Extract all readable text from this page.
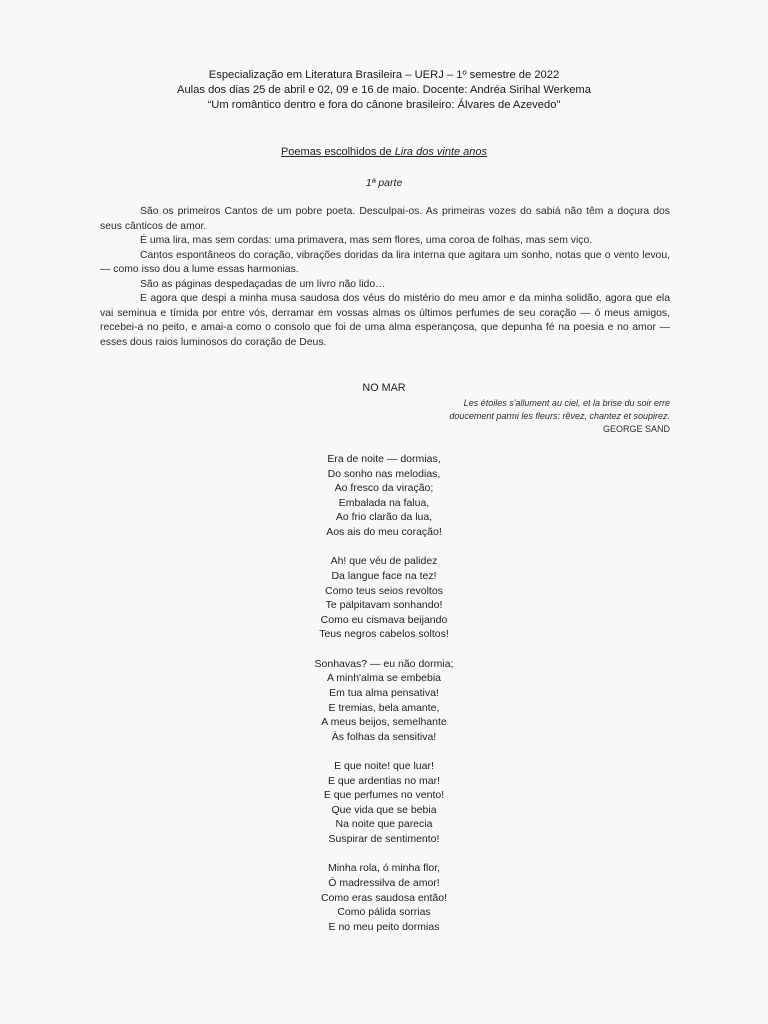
Especialização em Literatura Brasileira – UERJ – 1º semestre de 2022
Aulas dos dias 25 de abril e 02, 09 e 16 de maio. Docente: Andréa Sirihal Werkema
“Um romântico dentro e fora do cânone brasileiro: Álvares de Azevedo"
Poemas escolhidos de Lira dos vinte anos
1ª parte

São os primeiros Cantos de um pobre poeta. Desculpai-os. As primeiras vozes do sabiá não têm a doçura dos seus cânticos de amor.

É uma lira, mas sem cordas: uma primavera, mas sem flores, uma coroa de folhas, mas sem viço.

Cantos espontâneos do coração, vibrações doridas da lira interna que agitara um sonho, notas que o vento levou, — como isso dou a lume essas harmonias.

São as páginas despedaçadas de um livro não lido…

E agora que despi a minha musa saudosa dos véus do mistério do meu amor e da minha solidão, agora que ela vai seminua e tímida por entre vós, derramar em vossas almas os últimos perfumes de seu coração — ó meus amigos, recebei-a no peito, e amai-a como o consolo que foi de uma alma esperançosa, que depunha fé na poesia e no amor — esses dous raios luminosos do coração de Deus.

NO MAR
Les étoiles s'allument au ciel, et la brise du soir erre
doucement parmi les fleurs: rêvez, chantez et soupirez.
GEORGE SAND
Era de noite — dormias,
Do sonho nas melodias,
Ao fresco da viração;
Embalada na falua,
Ao frio clarão da lua,
Aos ais do meu coração!
Ah! que véu de palidez
Da langue face na tez!
Como teus seios revoltos
Te palpitavam sonhando!
Como eu cismava beijando
Teus negros cabelos soltos!
Sonhavas? — eu não dormia;
A minh'alma se embebia
Em tua alma pensativa!
E tremias, bela amante,
A meus beijos, semelhante
Às folhas da sensitiva!
E que noite! que luar!
E que ardentias no mar!
E que perfumes no vento!
Que vida que se bebia
Na noite que parecia
Suspirar de sentimento!
Minha rola, ó minha flor,
Ó madressilva de amor!
Como eras saudosa então!
Como pálida sorrias
E no meu peito dormias
